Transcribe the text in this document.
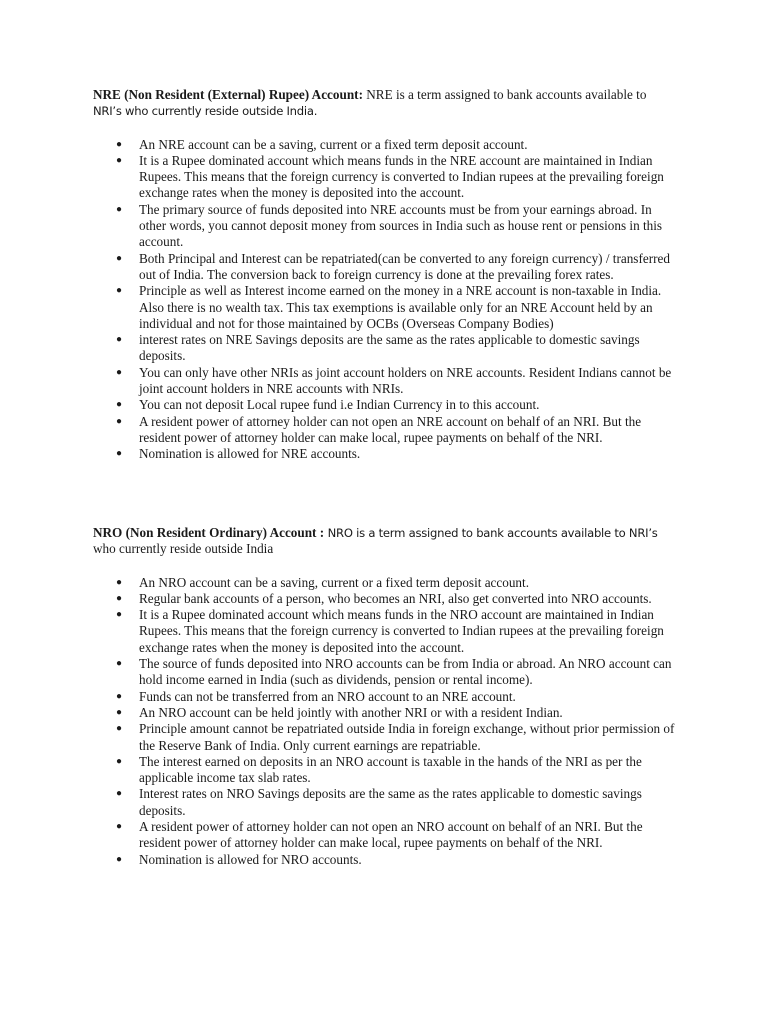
NRE (Non Resident (External) Rupee) Account: NRE is a term assigned to bank accounts available to NRI’s who currently reside outside India.

● An NRE account can be a saving, current or a fixed term deposit account.
● It is a Rupee dominated account which means funds in the NRE account are maintained in Indian Rupees. This means that the foreign currency is converted to Indian rupees at the prevailing foreign exchange rates when the money is deposited into the account.
● The primary source of funds deposited into NRE accounts must be from your earnings abroad. In other words, you cannot deposit money from sources in India such as house rent or pensions in this account.
● Both Principal and Interest can be repatriated(can be converted to any foreign currency) / transferred out of India. The conversion back to foreign currency is done at the prevailing forex rates.
● Principle as well as Interest income earned on the money in a NRE account is non-taxable in India. Also there is no wealth tax. This tax exemptions is available only for an NRE Account held by an individual and not for those maintained by OCBs (Overseas Company Bodies)
● interest rates on NRE Savings deposits are the same as the rates applicable to domestic savings deposits.
● You can only have other NRIs as joint account holders on NRE accounts. Resident Indians cannot be joint account holders in NRE accounts with NRIs.
● You can not deposit Local rupee fund i.e Indian Currency in to this account.
● A resident power of attorney holder can not open an NRE account on behalf of an NRI. But the resident power of attorney holder can make local, rupee payments on behalf of the NRI.
● Nomination is allowed for NRE accounts.

NRO (Non Resident Ordinary) Account : NRO is a term assigned to bank accounts available to NRI’s who currently reside outside India

● An NRO account can be a saving, current or a fixed term deposit account.
● Regular bank accounts of a person, who becomes an NRI, also get converted into NRO accounts.
● It is a Rupee dominated account which means funds in the NRO account are maintained in Indian Rupees. This means that the foreign currency is converted to Indian rupees at the prevailing foreign exchange rates when the money is deposited into the account.
● The source of funds deposited into NRO accounts can be from India or abroad. An NRO account can hold income earned in India (such as dividends, pension or rental income).
● Funds can not be transferred from an NRO account to an NRE account.
● An NRO account can be held jointly with another NRI or with a resident Indian.
● Principle amount cannot be repatriated outside India in foreign exchange, without prior permission of the Reserve Bank of India. Only current earnings are repatriable.
● The interest earned on deposits in an NRO account is taxable in the hands of the NRI as per the applicable income tax slab rates.
● Interest rates on NRO Savings deposits are the same as the rates applicable to domestic savings deposits.
● A resident power of attorney holder can not open an NRO account on behalf of an NRI. But the resident power of attorney holder can make local, rupee payments on behalf of the NRI.
● Nomination is allowed for NRO accounts.
